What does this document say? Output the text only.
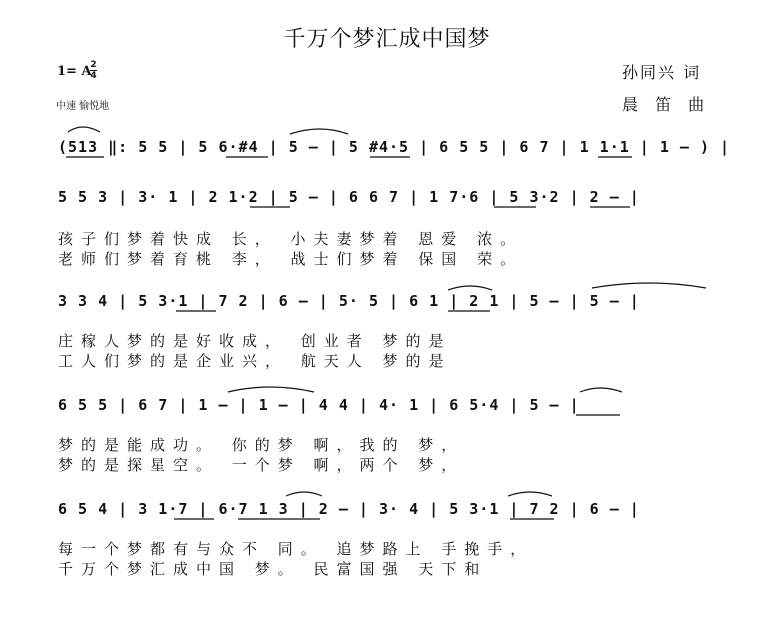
千万个梦汇成中国梦
1= A
2
4
中速 愉悦地
孙同兴 词
晨 笛 曲
(513 ‖: 5 5 | 5 6·#4 | 5 – | 5 #4·5 | 6 5 5 | 6 7 | 1 1·1 | 1 – ) |
5 5 3 | 3· 1 | 2 1·2 | 5 – | 6 6 7 | 1 7·6 | 5 3·2 | 2 – |
孩子们梦着快成 长， 小夫妻梦着 恩爱 浓。
老师们梦着育桃 李， 战士们梦着 保国 荣。
3 3 4 | 5 3·1 | 7 2 | 6 – | 5· 5 | 6 1 | 2 1 | 5 – | 5 – |
庄稼人梦的是好收成， 创业者 梦的是
工人们梦的是企业兴， 航天人 梦的是
6 5 5 | 6 7 | 1 – | 1 – | 4 4 | 4· 1 | 6 5·4 | 5 – |
梦的是能成功。 你的梦 啊，我的 梦，
梦的是探星空。 一个梦 啊，两个 梦，
6 5 4 | 3 1·7 | 6·7 1 3 | 2 – | 3· 4 | 5 3·1 | 7 2 | 6 – |
每一个梦都有与众不 同。 追梦路上 手挽手，
千万个梦汇成中国 梦。 民富国强 天下和
